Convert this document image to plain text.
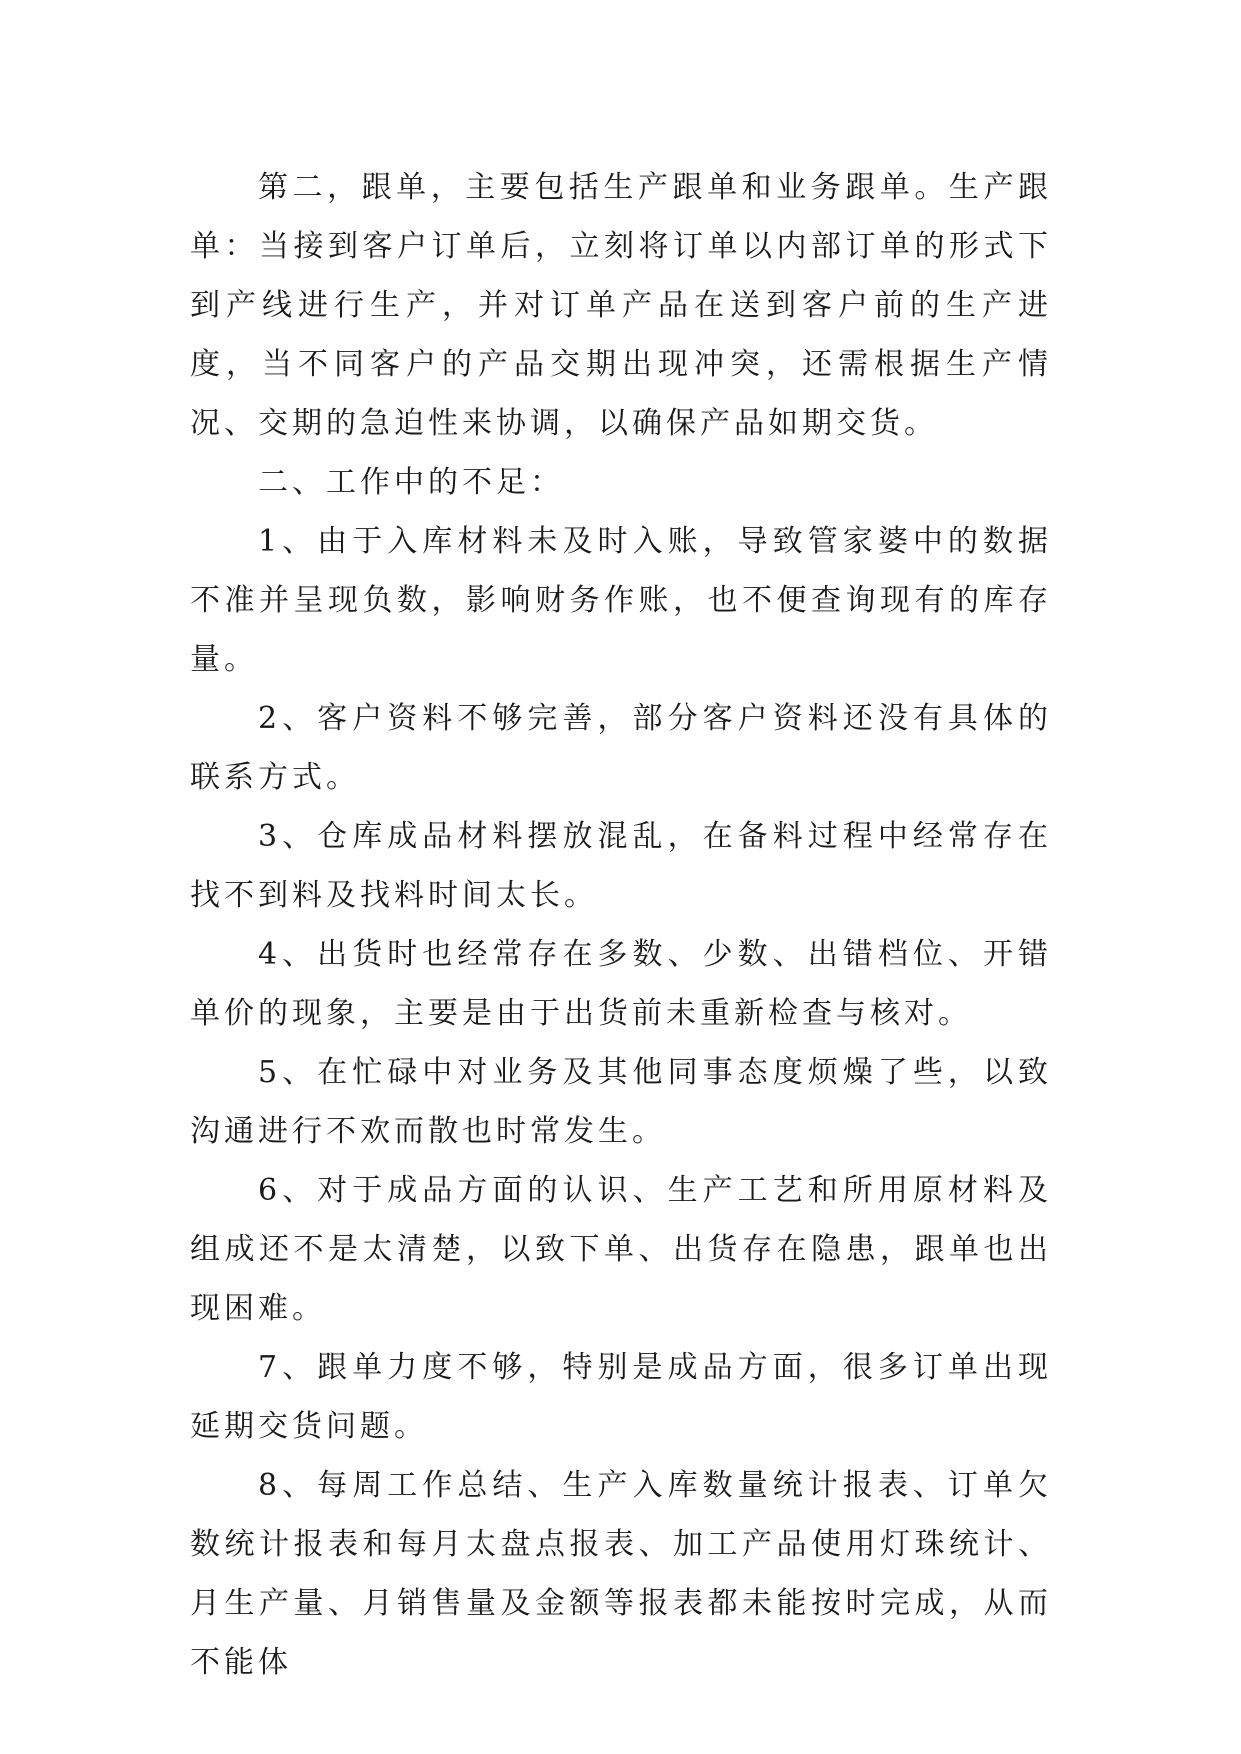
第二，跟单，主要包括生产跟单和业务跟单。生产跟单：当接到客户订单后，立刻将订单以内部订单的形式下到产线进行生产，并对订单产品在送到客户前的生产进度，当不同客户的产品交期出现冲突，还需根据生产情况、交期的急迫性来协调，以确保产品如期交货。

二、工作中的不足：

1、由于入库材料未及时入账，导致管家婆中的数据不准并呈现负数，影响财务作账，也不便查询现有的库存量。

2、客户资料不够完善，部分客户资料还没有具体的联系方式。

3、仓库成品材料摆放混乱，在备料过程中经常存在找不到料及找料时间太长。

4、出货时也经常存在多数、少数、出错档位、开错单价的现象，主要是由于出货前未重新检查与核对。

5、在忙碌中对业务及其他同事态度烦燥了些，以致沟通进行不欢而散也时常发生。

6、对于成品方面的认识、生产工艺和所用原材料及组成还不是太清楚，以致下单、出货存在隐患，跟单也出现困难。

7、跟单力度不够，特别是成品方面，很多订单出现延期交货问题。

8、每周工作总结、生产入库数量统计报表、订单欠数统计报表和每月太盘点报表、加工产品使用灯珠统计、月生产量、月销售量及金额等报表都未能按时完成，从而不能体
